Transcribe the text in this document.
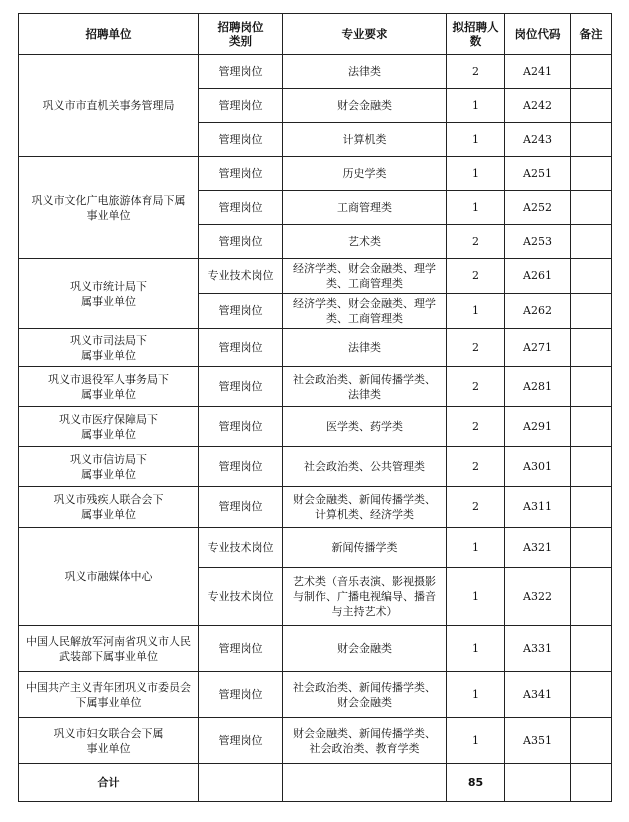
招聘单位	招聘岗位类别	专业要求	拟招聘人数	岗位代码	备注

巩义市市直机关事务管理局	管理岗位	法律类	2	A241	
	管理岗位	财会金融类	1	A242	
	管理岗位	计算机类	1	A243	

巩义市文化广电旅游体育局下属事业单位	管理岗位	历史学类	1	A251	
	管理岗位	工商管理类	1	A252	
	管理岗位	艺术类	2	A253	

巩义市统计局下属事业单位	专业技术岗位	经济学类、财会金融类、理学类、工商管理类	2	A261	
	管理岗位	经济学类、财会金融类、理学类、工商管理类	1	A262	

巩义市司法局下属事业单位	管理岗位	法律类	2	A271	

巩义市退役军人事务局下属事业单位	管理岗位	社会政治类、新闻传播学类、法律类	2	A281	

巩义市医疗保障局下属事业单位	管理岗位	医学类、药学类	2	A291	

巩义市信访局下属事业单位	管理岗位	社会政治类、公共管理类	2	A301	

巩义市残疾人联合会下属事业单位	管理岗位	财会金融类、新闻传播学类、计算机类、经济学类	2	A311	
巩义市融媒体中心	专业技术岗位	新闻传播学类	1	A321	
	专业技术岗位	艺术类（音乐表演、影视摄影与制作、广播电视编导、播音与主持艺术）	1	A322	

中国人民解放军河南省巩义市人民武装部下属事业单位	管理岗位	财会金融类	1	A331	

中国共产主义青年团巩义市委员会下属事业单位	管理岗位	社会政治类、新闻传播学类、财会金融类	1	A341	

巩义市妇女联合会下属事业单位	管理岗位	财会金融类、新闻传播学类、社会政治类、教育学类	1	A351	
合计			85		
